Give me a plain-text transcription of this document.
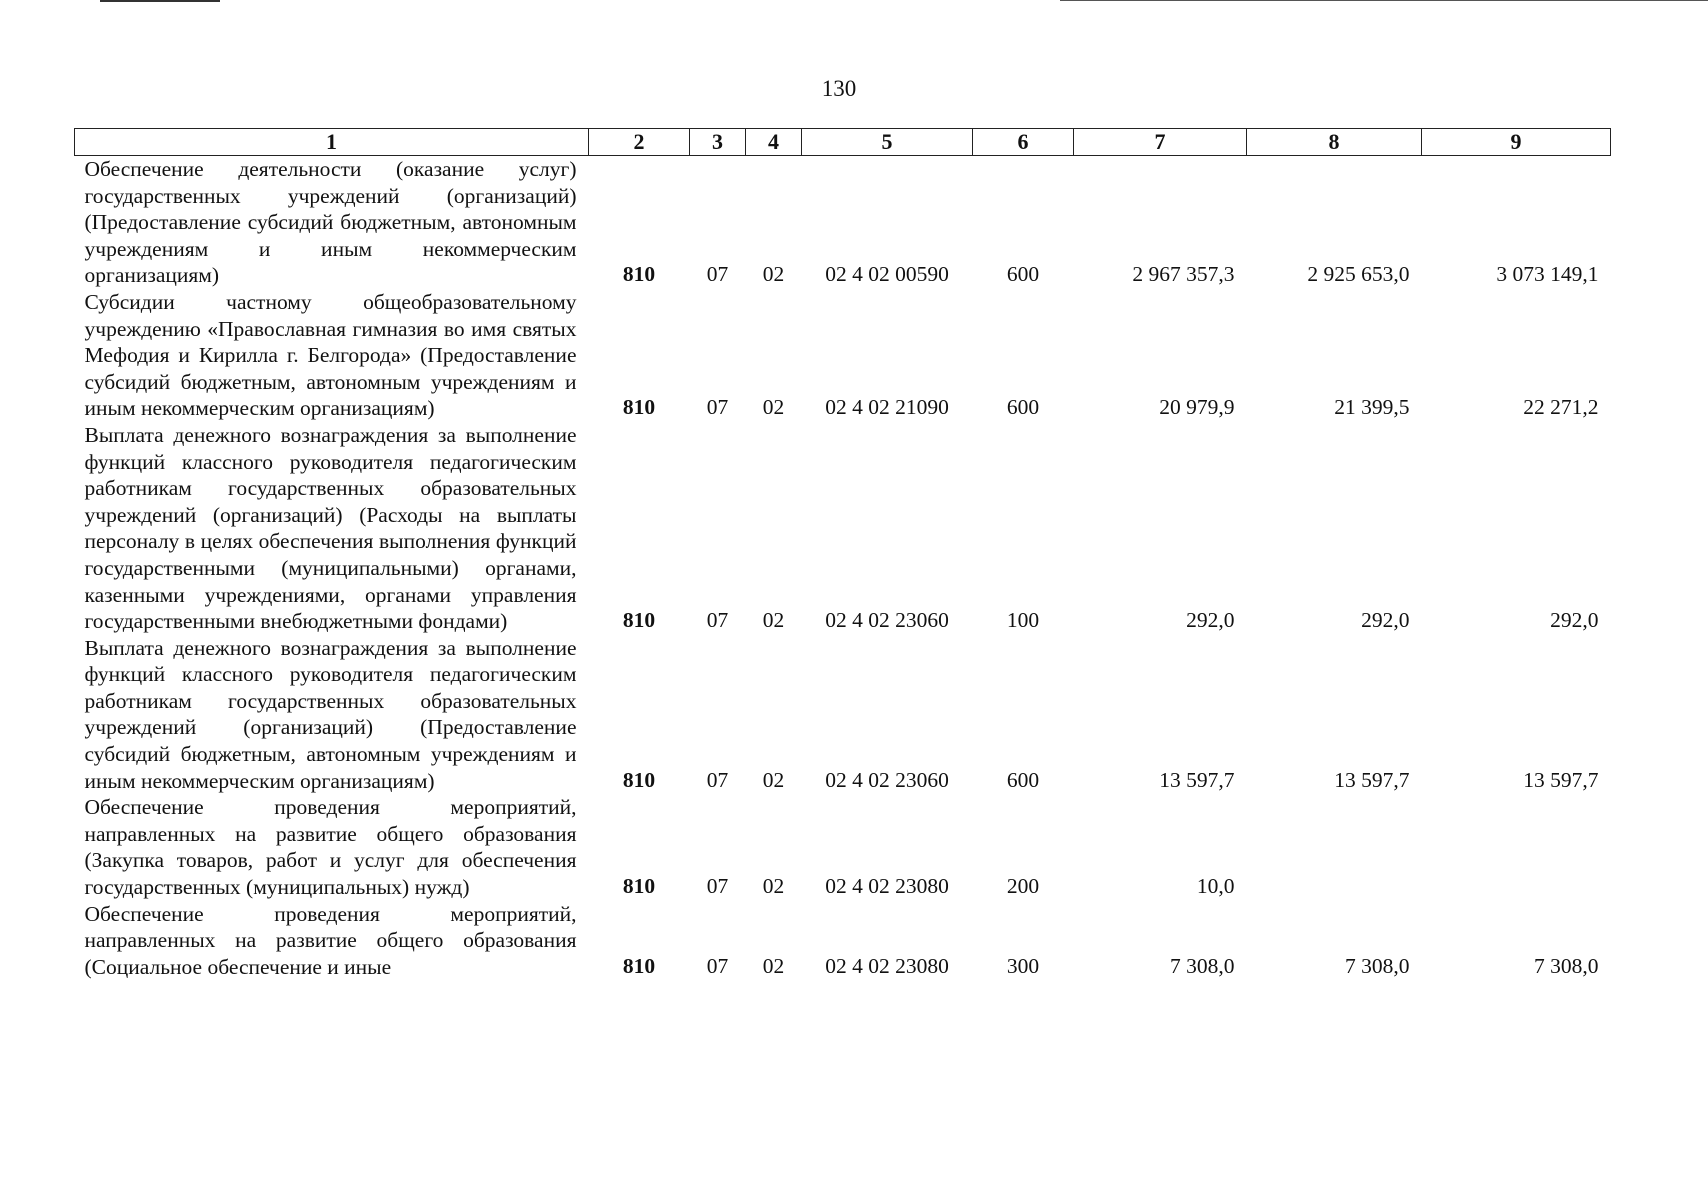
130
1	2	3	4	5	6	7	8	9
Обеспечение деятельности (оказание услуг) государственных учреждений (организаций) (Предоставление субсидий бюджетным, автономным учреждениям и иным некоммерческим организациям)	810	07	02	02 4 02 00590	600	2 967 357,3	2 925 653,0	3 073 149,1
Субсидии частному общеобразовательному учреждению «Православная гимназия во имя святых Мефодия и Кирилла г. Белгорода» (Предоставление субсидий бюджетным, автономным учреждениям и иным некоммерческим организациям)	810	07	02	02 4 02 21090	600	20 979,9	21 399,5	22 271,2
Выплата денежного вознаграждения за выполнение функций классного руководителя педагогическим работникам государственных образовательных учреждений (организаций) (Расходы на выплаты персоналу в целях обеспечения выполнения функций государственными (муниципальными) органами, казенными учреждениями, органами управления государственными внебюджетными фондами)	810	07	02	02 4 02 23060	100	292,0	292,0	292,0
Выплата денежного вознаграждения за выполнение функций классного руководителя педагогическим работникам государственных образовательных учреждений (организаций) (Предоставление субсидий бюджетным, автономным учреждениям и иным некоммерческим организациям)	810	07	02	02 4 02 23060	600	13 597,7	13 597,7	13 597,7
Обеспечение проведения мероприятий, направленных на развитие общего образования (Закупка товаров, работ и услуг для обеспечения государственных (муниципальных) нужд)	810	07	02	02 4 02 23080	200	10,0		
Обеспечение проведения мероприятий, направленных на развитие общего образования (Социальное обеспечение и иные	810	07	02	02 4 02 23080	300	7 308,0	7 308,0	7 308,0
